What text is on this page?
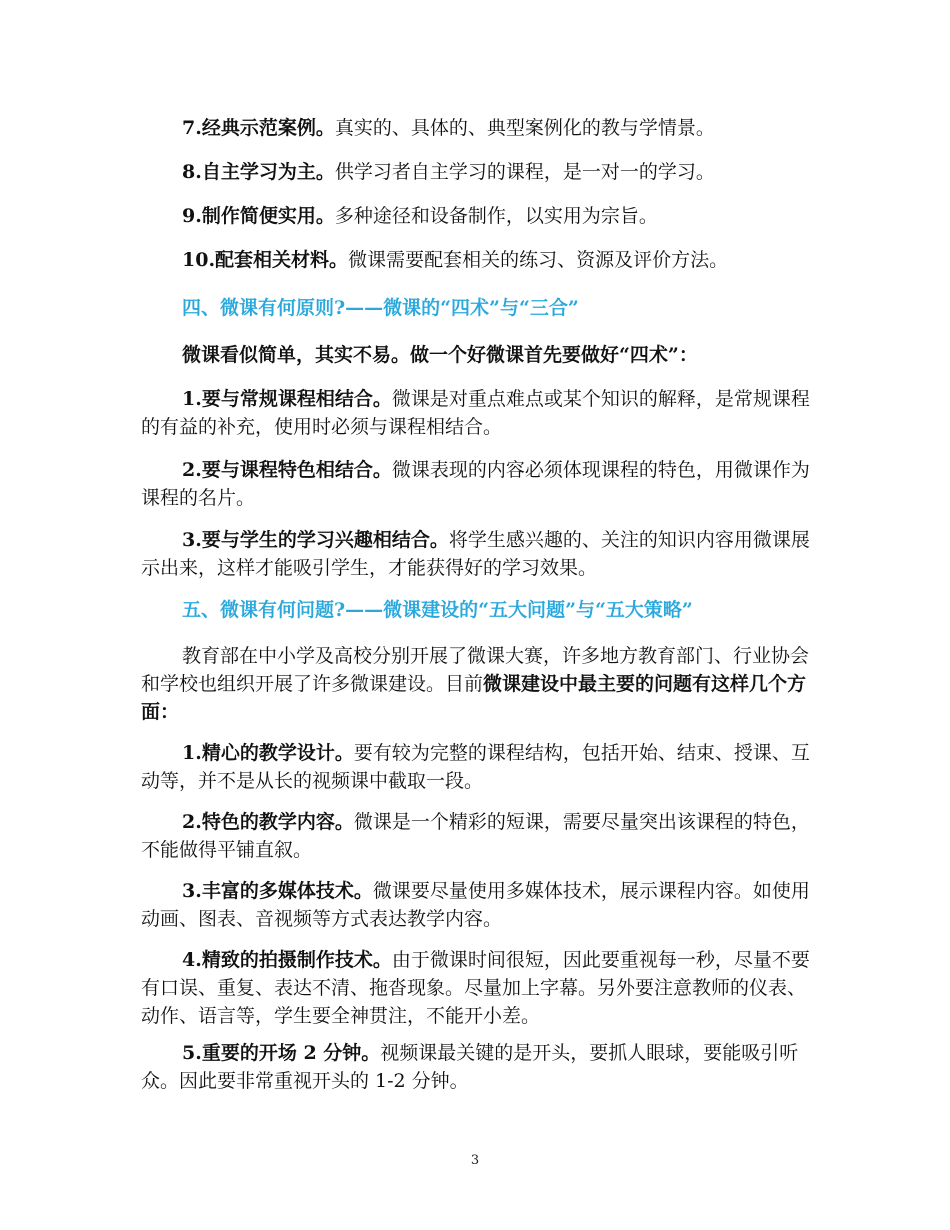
7.经典示范案例。真实的、具体的、典型案例化的教与学情景。

8.自主学习为主。供学习者自主学习的课程，是一对一的学习。

9.制作简便实用。多种途径和设备制作，以实用为宗旨。

10.配套相关材料。微课需要配套相关的练习、资源及评价方法。

四、微课有何原则?——微课的“四术”与“三合”

微课看似简单，其实不易。做一个好微课首先要做好“四术”：

1.要与常规课程相结合。微课是对重点难点或某个知识的解释，是常规课程的有益的补充，使用时必须与课程相结合。

2.要与课程特色相结合。微课表现的内容必须体现课程的特色，用微课作为课程的名片。

3.要与学生的学习兴趣相结合。将学生感兴趣的、关注的知识内容用微课展示出来，这样才能吸引学生，才能获得好的学习效果。

五、微课有何问题?——微课建设的“五大问题”与“五大策略”

教育部在中小学及高校分别开展了微课大赛，许多地方教育部门、行业协会和学校也组织开展了许多微课建设。目前微课建设中最主要的问题有这样几个方面：

1.精心的教学设计。要有较为完整的课程结构，包括开始、结束、授课、互动等，并不是从长的视频课中截取一段。

2.特色的教学内容。微课是一个精彩的短课，需要尽量突出该课程的特色，不能做得平铺直叙。

3.丰富的多媒体技术。微课要尽量使用多媒体技术，展示课程内容。如使用动画、图表、音视频等方式表达教学内容。

4.精致的拍摄制作技术。由于微课时间很短，因此要重视每一秒，尽量不要有口误、重复、表达不清、拖沓现象。尽量加上字幕。另外要注意教师的仪表、动作、语言等，学生要全神贯注，不能开小差。

5.重要的开场 2 分钟。视频课最关键的是开头，要抓人眼球，要能吸引听众。因此要非常重视开头的 1-2 分钟。

3
